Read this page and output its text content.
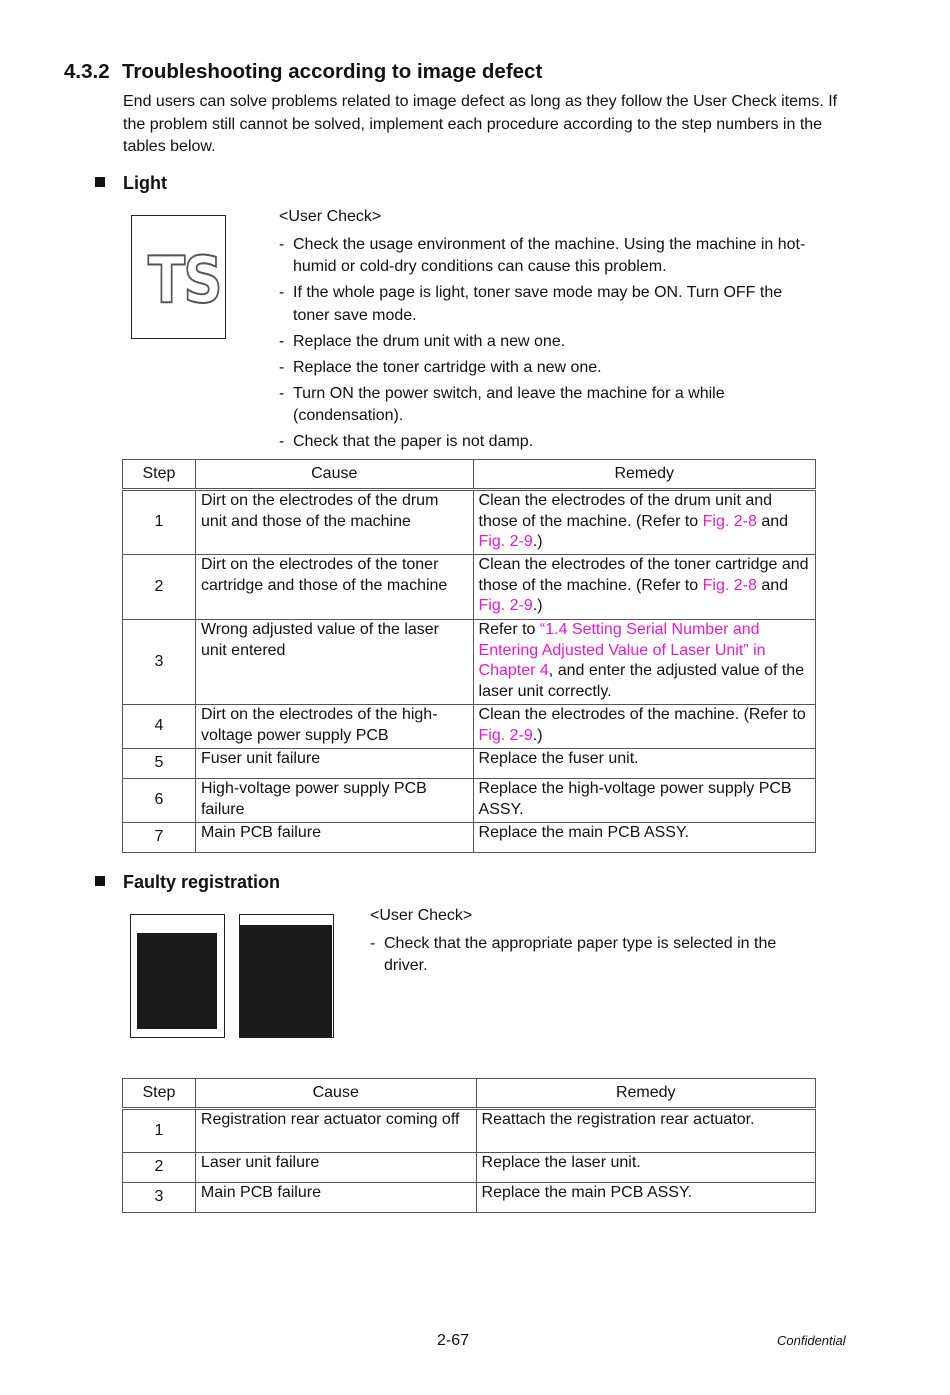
4.3.2 Troubleshooting according to image defect

End users can solve problems related to image defect as long as they follow the User Check items. If the problem still cannot be solved, implement each procedure according to the step numbers in the tables below.

Light
TS

<User Check>

- Check the usage environment of the machine. Using the machine in hot-humid or cold-dry conditions can cause this problem.
- If the whole page is light, toner save mode may be ON. Turn OFF the toner save mode.
- Replace the drum unit with a new one.
- Replace the toner cartridge with a new one.
- Turn ON the power switch, and leave the machine for a while (condensation).
- Check that the paper is not damp.
Step	Cause	Remedy
1	Dirt on the electrodes of the drum unit and those of the machine	Clean the electrodes of the drum unit and those of the machine. (Refer to Fig. 2-8 and Fig. 2-9.)
2	Dirt on the electrodes of the toner cartridge and those of the machine	Clean the electrodes of the toner cartridge and those of the machine. (Refer to Fig. 2-8 and Fig. 2-9.)
3	Wrong adjusted value of the laser unit entered	Refer to “1.4 Setting Serial Number and Entering Adjusted Value of Laser Unit” in Chapter 4, and enter the adjusted value of the laser unit correctly.
4	Dirt on the electrodes of the high-voltage power supply PCB	Clean the electrodes of the machine. (Refer to Fig. 2-9.)
5	Fuser unit failure	Replace the fuser unit.
6	High-voltage power supply PCB failure	Replace the high-voltage power supply PCB ASSY.
7	Main PCB failure	Replace the main PCB ASSY.
Faulty registration

<User Check>

- Check that the appropriate paper type is selected in the driver.
Step	Cause	Remedy
1	Registration rear actuator coming off	Reattach the registration rear actuator.
2	Laser unit failure	Replace the laser unit.
3	Main PCB failure	Replace the main PCB ASSY.
2-67	Confidential
